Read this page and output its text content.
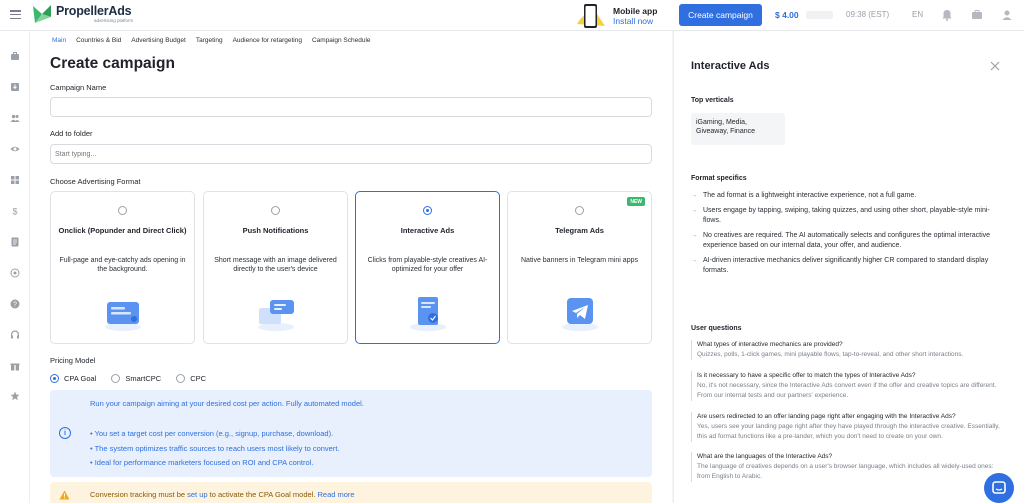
PropellerAds
advertising platform
Mobile app
Install now
Create campaign	$ 4.00	09:38 (EST)	EN
$
?
Main Countries & Bid Advertising Budget Targeting Audience for retargeting Campaign Schedule
Create campaign
Campaign Name
Add to folder
Start typing...
Choose Advertising Format
Onclick (Popunder and Direct Click)
Full-page and eye-catchy ads opening in the background.
Push Notifications
Short message with an image delivered directly to the user's device
Interactive Ads
Clicks from playable-style creatives AI-optimized for your offer
NEW
Telegram Ads
Native banners in Telegram mini apps
Pricing Model
CPA Goal	SmartCPC	CPC
i
Run your campaign aiming at your desired cost per action. Fully automated model.
• You set a target cost per conversion (e.g., signup, purchase, download).
• The system optimizes traffic sources to reach users most likely to convert.
• Ideal for performance marketers focused on ROI and CPA control.
Conversion tracking must be set up to activate the CPA Goal model. Read more
Interactive Ads
Top verticals
iGaming, Media, Giveaway, Finance
Format specifics
→ The ad format is a lightweight interactive experience, not a full game.
→ Users engage by tapping, swiping, taking quizzes, and using other short, playable-style mini-flows.
→ No creatives are required. The AI automatically selects and configures the optimal interactive experience based on our internal data, your offer, and audience.
→ AI-driven interactive mechanics deliver significantly higher CR compared to standard display formats.
User questions
What types of interactive mechanics are provided?
Quizzes, polls, 1-click games, mini playable flows, tap-to-reveal, and other short interactions.
Is it necessary to have a specific offer to match the types of Interactive Ads?
No, it's not necessary, since the Interactive Ads convert even if the offer and creative topics are different. From our internal tests and our partners' experience.
Are users redirected to an offer landing page right after engaging with the Interactive Ads?
Yes, users see your landing page right after they have played through the interactive creative. Essentially, this ad format functions like a pre-lander, which you don't need to create on your own.
What are the languages of the Interactive Ads?
The language of creatives depends on a user's browser language, which includes all widely-used ones: from English to Arabic.
